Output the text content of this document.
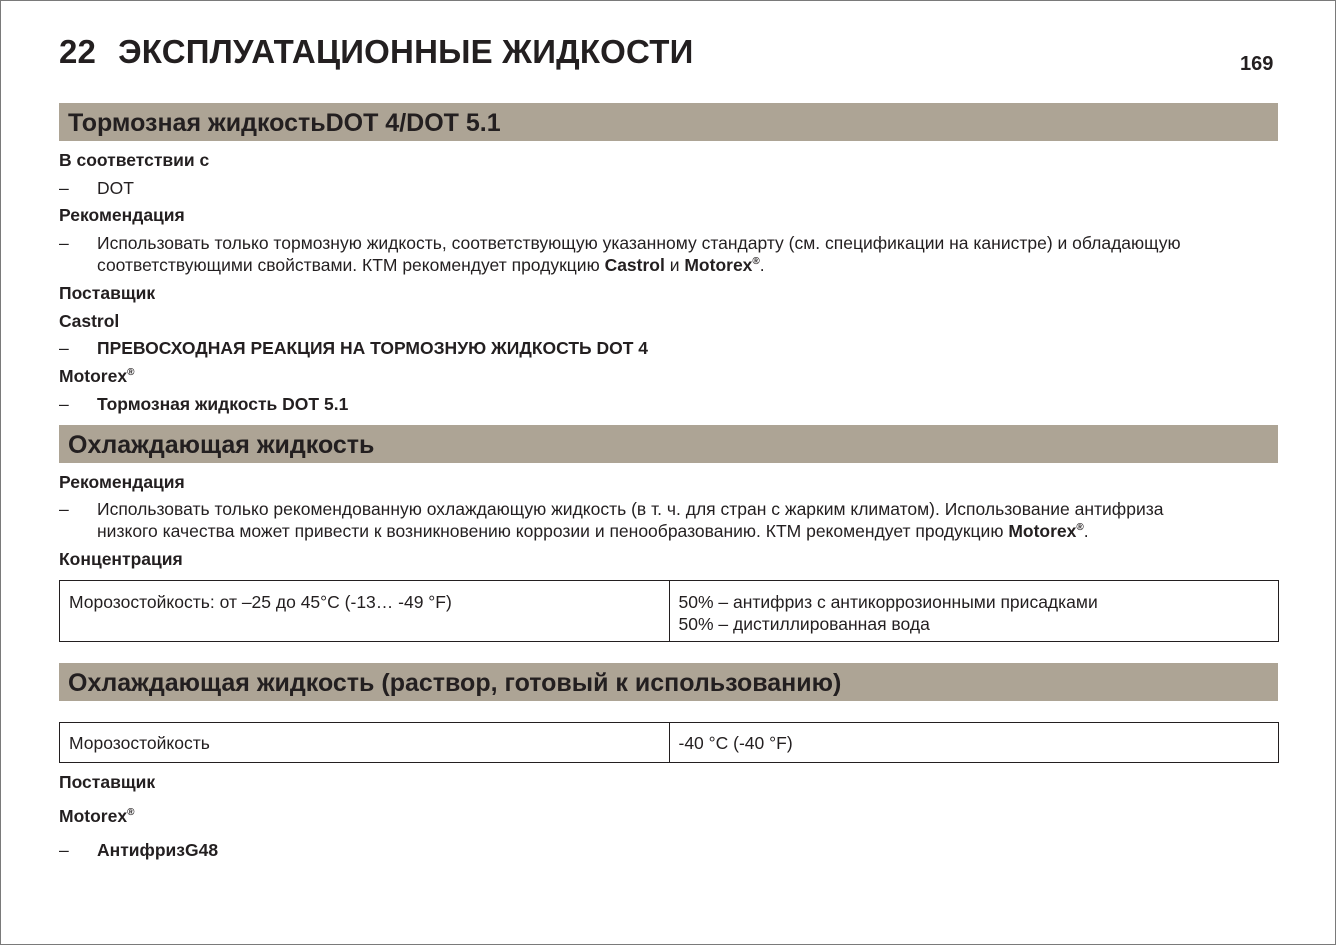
22 ЭКСПЛУАТАЦИОННЫЕ ЖИДКОСТИ	169
Тормозная жидкостьDOT 4/DOT 5.1
В соответствии с
– DOT
Рекомендация
– Использовать только тормозную жидкость, соответствующую указанному стандарту (см. спецификации на канистре) и обладающую
соответствующими свойствами. КТМ рекомендует продукцию Castrol и Motorex®.
Поставщик
Castrol
– ПРЕВОСХОДНАЯ РЕАКЦИЯ НА ТОРМОЗНУЮ ЖИДКОСТЬ DOT 4
Motorex®
– Тормозная жидкость DOT 5.1
Охлаждающая жидкость
Рекомендация
– Использовать только рекомендованную охлаждающую жидкость (в т. ч. для стран с жарким климатом). Использование антифриза
низкого качества может привести к возникновению коррозии и пенообразованию. КТМ рекомендует продукцию Motorex®.
Концентрация
Морозостойкость: от –25 до 45°C (-13… -49 °F)	50% – антифриз с антикоррозионными присадками
50% – дистиллированная вода
Охлаждающая жидкость (раствор, готовый к использованию)
Морозостойкость	-40 °C (-40 °F)
Поставщик
Motorex®
– АнтифризG48
